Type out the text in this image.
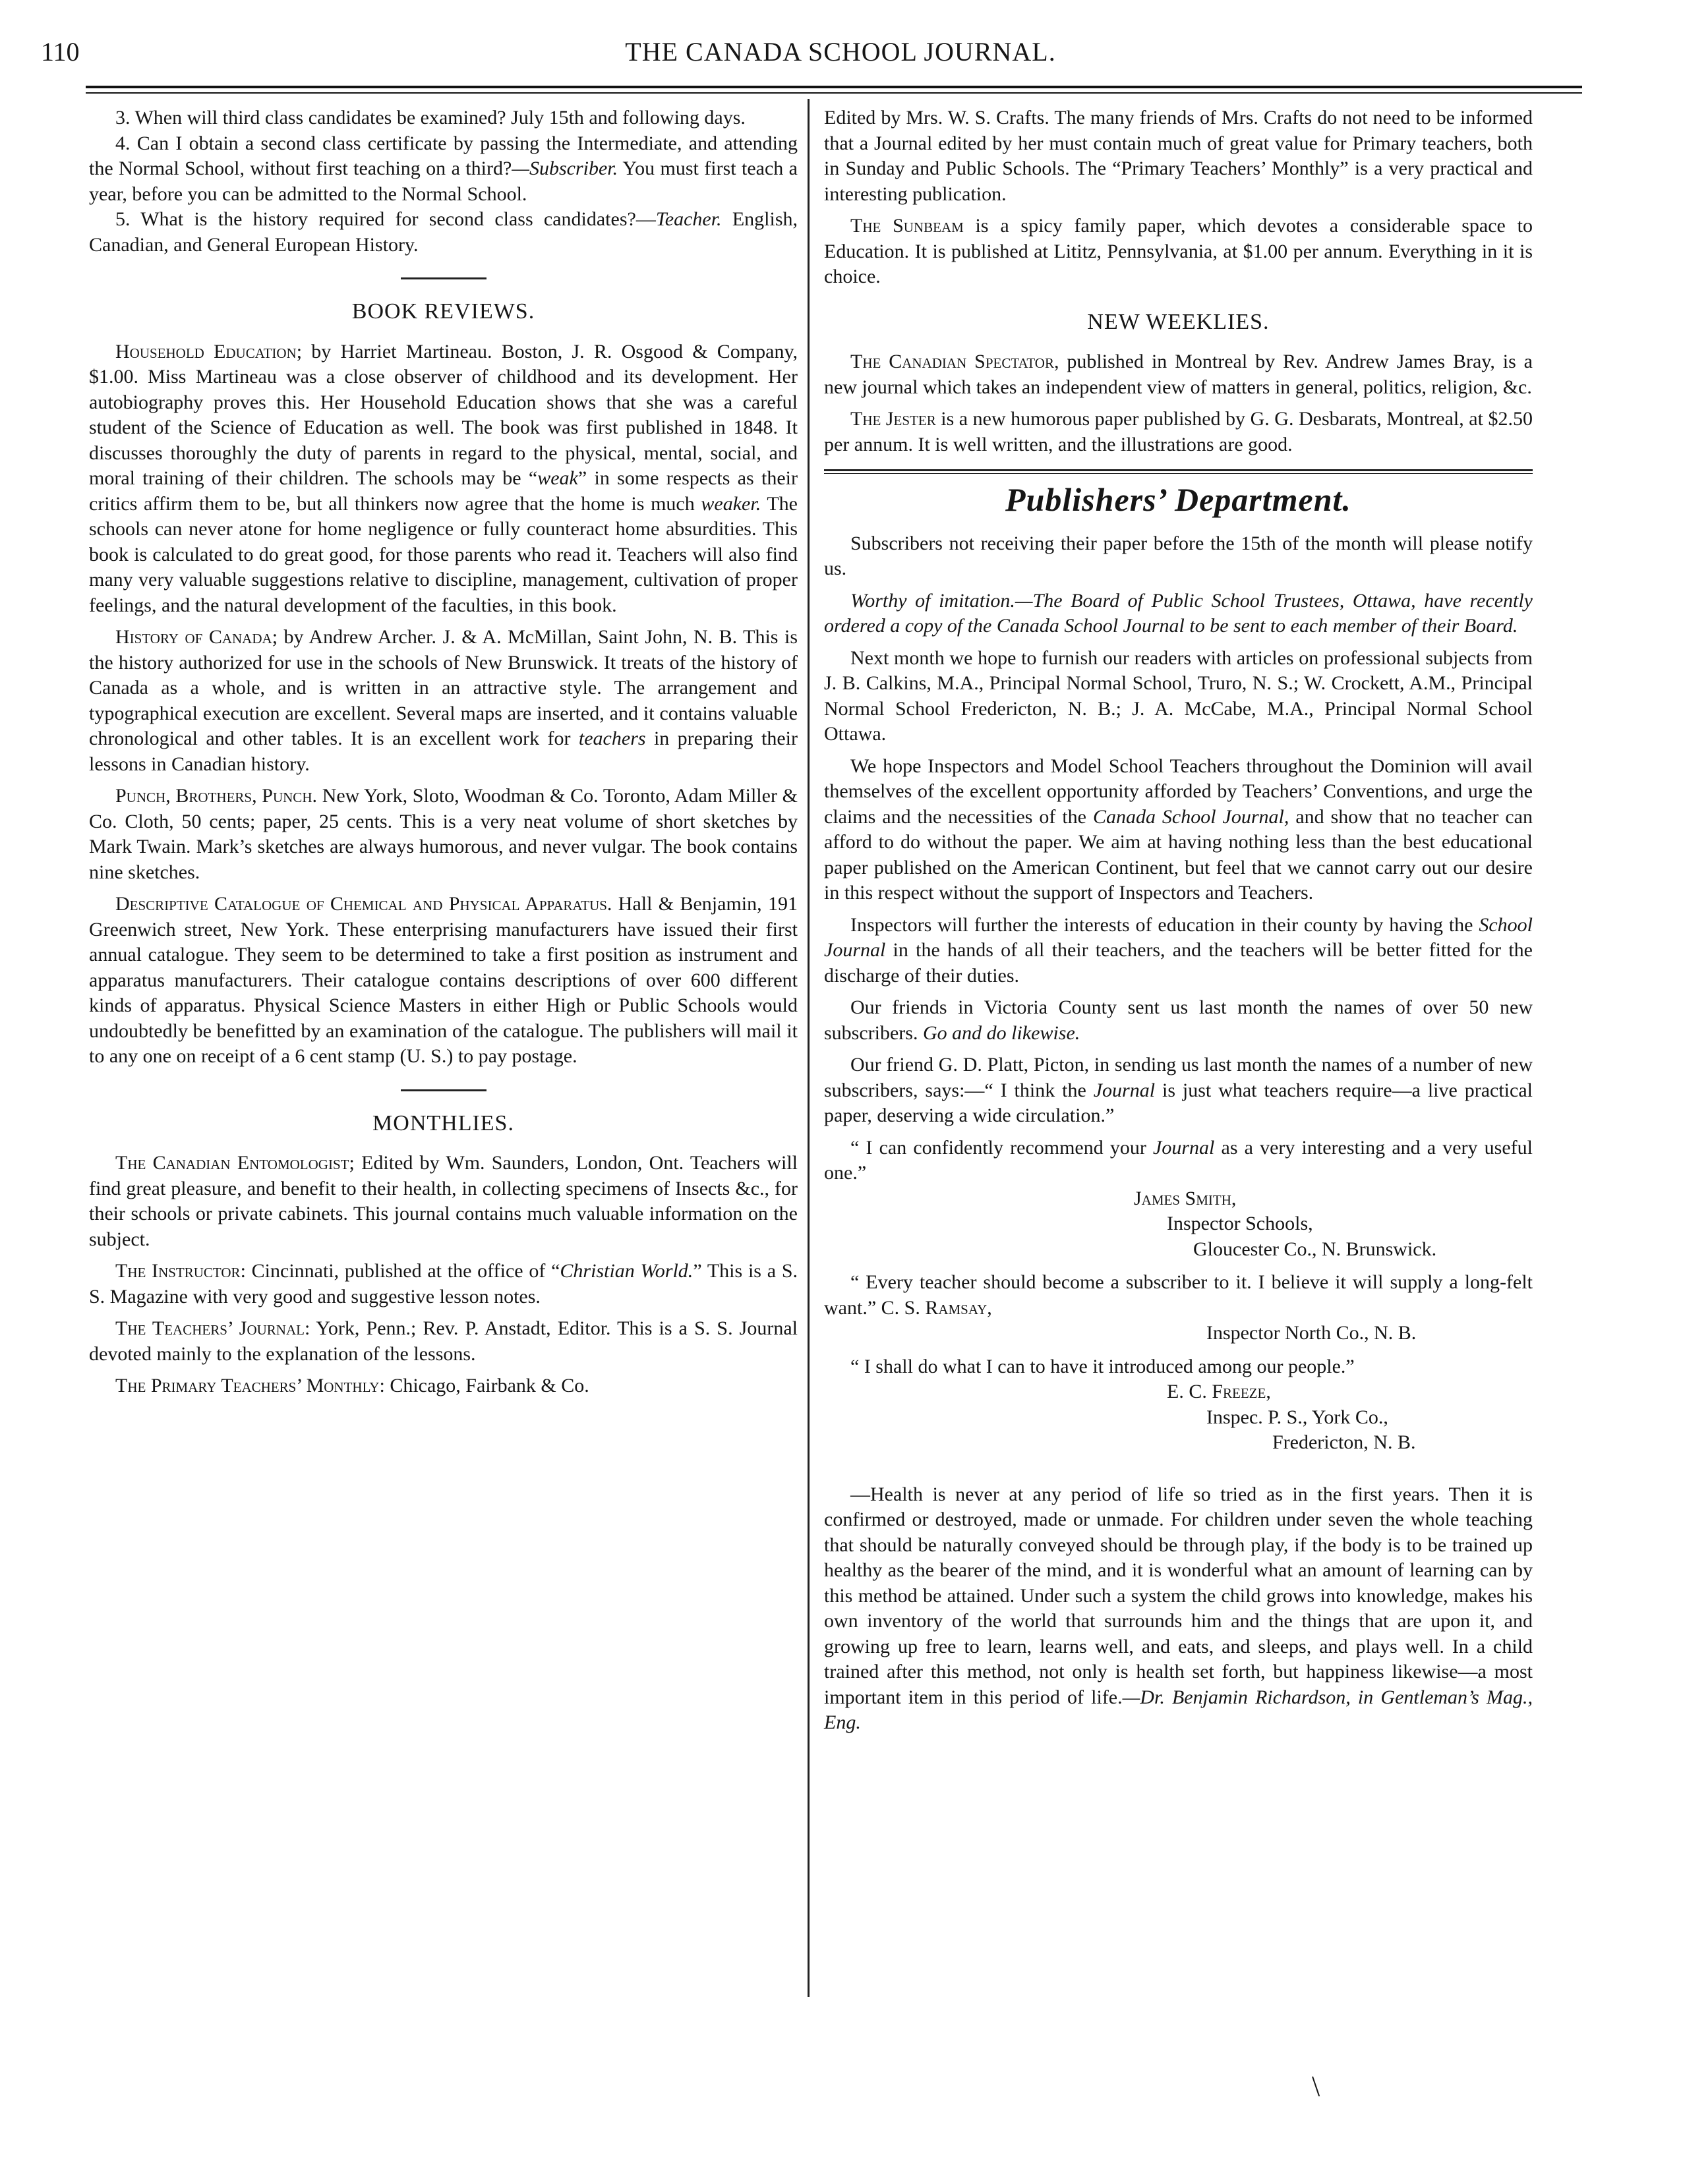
110	THE CANADA SCHOOL JOURNAL.

3. When will third class candidates be examined? July 15th and following days.

4. Can I obtain a second class certificate by passing the Intermediate, and attending the Normal School, without first teaching on a third?—Subscriber. You must first teach a year, before you can be admitted to the Normal School.

5. What is the history required for second class candidates?—Teacher. English, Canadian, and General European History.

BOOK REVIEWS.

Household Education; by Harriet Martineau. Boston, J. R. Osgood & Company, $1.00. Miss Martineau was a close observer of childhood and its development. Her autobiography proves this. Her Household Education shows that she was a careful student of the Science of Education as well. The book was first published in 1848. It discusses thoroughly the duty of parents in regard to the physical, mental, social, and moral training of their children. The schools may be “weak” in some respects as their critics affirm them to be, but all thinkers now agree that the home is much weaker. The schools can never atone for home negligence or fully counteract home absurdities. This book is calculated to do great good, for those parents who read it. Teachers will also find many very valuable suggestions relative to discipline, management, cultivation of proper feelings, and the natural development of the faculties, in this book.

History of Canada; by Andrew Archer. J. & A. McMillan, Saint John, N. B. This is the history authorized for use in the schools of New Brunswick. It treats of the history of Canada as a whole, and is written in an attractive style. The arrangement and typographical execution are excellent. Several maps are inserted, and it contains valuable chronological and other tables. It is an excellent work for teachers in preparing their lessons in Canadian history.

Punch, Brothers, Punch. New York, Sloto, Woodman & Co. Toronto, Adam Miller & Co. Cloth, 50 cents; paper, 25 cents. This is a very neat volume of short sketches by Mark Twain. Mark’s sketches are always humorous, and never vulgar. The book contains nine sketches.

Descriptive Catalogue of Chemical and Physical Apparatus. Hall & Benjamin, 191 Greenwich street, New York. These enterprising manufacturers have issued their first annual catalogue. They seem to be determined to take a first position as instrument and apparatus manufacturers. Their catalogue contains descriptions of over 600 different kinds of apparatus. Physical Science Masters in either High or Public Schools would undoubtedly be benefitted by an examination of the catalogue. The publishers will mail it to any one on receipt of a 6 cent stamp (U. S.) to pay postage.

MONTHLIES.

The Canadian Entomologist; Edited by Wm. Saunders, London, Ont. Teachers will find great pleasure, and benefit to their health, in collecting specimens of Insects &c., for their schools or private cabinets. This journal contains much valuable information on the subject.

The Instructor: Cincinnati, published at the office of “Christian World.” This is a S. S. Magazine with very good and suggestive lesson notes.

The Teachers’ Journal: York, Penn.; Rev. P. Anstadt, Editor. This is a S. S. Journal devoted mainly to the explanation of the lessons.

The Primary Teachers’ Monthly: Chicago, Fairbank & Co.

Edited by Mrs. W. S. Crafts. The many friends of Mrs. Crafts do not need to be informed that a Journal edited by her must contain much of great value for Primary teachers, both in Sunday and Public Schools. The “Primary Teachers’ Monthly” is a very practical and interesting publication.

The Sunbeam is a spicy family paper, which devotes a considerable space to Education. It is published at Lititz, Pennsylvania, at $1.00 per annum. Everything in it is choice.

NEW WEEKLIES.

The Canadian Spectator, published in Montreal by Rev. Andrew James Bray, is a new journal which takes an independent view of matters in general, politics, religion, &c.

The Jester is a new humorous paper published by G. G. Desbarats, Montreal, at $2.50 per annum. It is well written, and the illustrations are good.

Publishers’ Department.

Subscribers not receiving their paper before the 15th of the month will please notify us.

Worthy of imitation.—The Board of Public School Trustees, Ottawa, have recently ordered a copy of the Canada School Journal to be sent to each member of their Board.

Next month we hope to furnish our readers with articles on professional subjects from J. B. Calkins, M.A., Principal Normal School, Truro, N. S.; W. Crockett, A.M., Principal Normal School Fredericton, N. B.; J. A. McCabe, M.A., Principal Normal School Ottawa.

We hope Inspectors and Model School Teachers throughout the Dominion will avail themselves of the excellent opportunity afforded by Teachers’ Conventions, and urge the claims and the necessities of the Canada School Journal, and show that no teacher can afford to do without the paper. We aim at having nothing less than the best educational paper published on the American Continent, but feel that we cannot carry out our desire in this respect without the support of Inspectors and Teachers.

Inspectors will further the interests of education in their county by having the School Journal in the hands of all their teachers, and the teachers will be better fitted for the discharge of their duties.

Our friends in Victoria County sent us last month the names of over 50 new subscribers. Go and do likewise.

Our friend G. D. Platt, Picton, in sending us last month the names of a number of new subscribers, says:—“ I think the Journal is just what teachers require—a live practical paper, deserving a wide circulation.”

“ I can confidently recommend your Journal as a very interesting and a very useful one.”

James Smith,

Inspector Schools,

Gloucester Co., N. Brunswick.

“ Every teacher should become a subscriber to it. I believe it will supply a long-felt want.” C. S. Ramsay,

Inspector North Co., N. B.

“ I shall do what I can to have it introduced among our people.”

E. C. Freeze,

Inspec. P. S., York Co.,

Fredericton, N. B.

—Health is never at any period of life so tried as in the first years. Then it is confirmed or destroyed, made or unmade. For children under seven the whole teaching that should be naturally conveyed should be through play, if the body is to be trained up healthy as the bearer of the mind, and it is wonderful what an amount of learning can by this method be attained. Under such a system the child grows into knowledge, makes his own inventory of the world that surrounds him and the things that are upon it, and growing up free to learn, learns well, and eats, and sleeps, and plays well. In a child trained after this method, not only is health set forth, but happiness likewise—a most important item in this period of life.—Dr. Benjamin Richardson, in Gentleman’s Mag., Eng.

\
